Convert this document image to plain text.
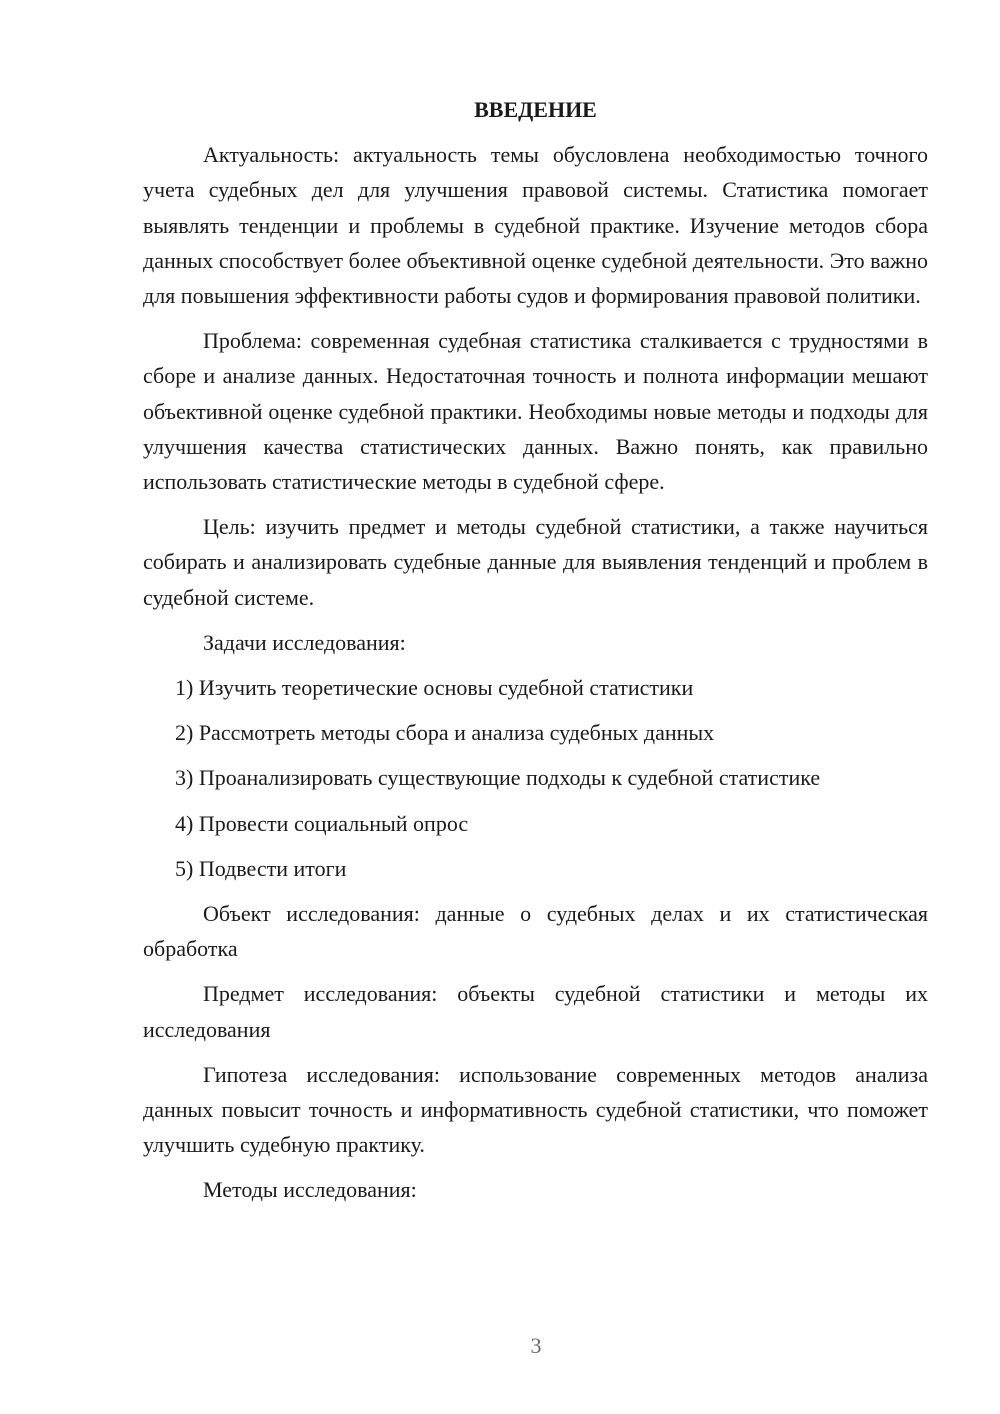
ВВЕДЕНИЕ

Актуальность: актуальность темы обусловлена необходимостью точного учета судебных дел для улучшения правовой системы. Статистика помогает выявлять тенденции и проблемы в судебной практике. Изучение методов сбора данных способствует более объективной оценке судебной деятельности. Это важно для повышения эффективности работы судов и формирования правовой политики.

Проблема: современная судебная статистика сталкивается с трудностями в сборе и анализе данных. Недостаточная точность и полнота информации мешают объективной оценке судебной практики. Необходимы новые методы и подходы для улучшения качества статистических данных. Важно понять, как правильно использовать статистические методы в судебной сфере.

Цель: изучить предмет и методы судебной статистики, а также научиться собирать и анализировать судебные данные для выявления тенденций и проблем в судебной системе.

Задачи исследования:

1) Изучить теоретические основы судебной статистики
2) Рассмотреть методы сбора и анализа судебных данных
3) Проанализировать существующие подходы к судебной статистике
4) Провести социальный опрос
5) Подвести итоги

Объект исследования: данные о судебных делах и их статистическая обработка

Предмет исследования: объекты судебной статистики и методы их исследования

Гипотеза исследования: использование современных методов анализа данных повысит точность и информативность судебной статистики, что поможет улучшить судебную практику.

Методы исследования:

3
